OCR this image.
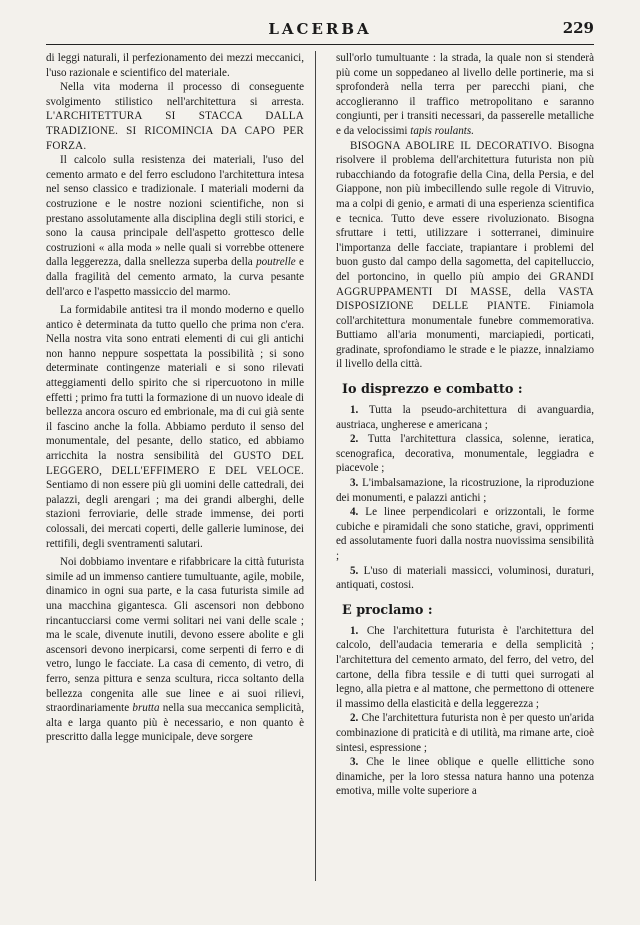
LACERBA	229

di leggi naturali, il perfezionamento dei mezzi meccanici, l'uso razionale e scientifico del materiale.

Nella vita moderna il processo di conseguente svolgimento stilistico nell'architettura si arresta. L'ARCHITETTURA SI STACCA DALLA TRADIZIONE. SI RICOMINCIA DA CAPO PER FORZA.

Il calcolo sulla resistenza dei materiali, l'uso del cemento armato e del ferro escludono l'architettura intesa nel senso classico e tradizionale. I materiali moderni da costruzione e le nostre nozioni scientifiche, non si prestano assolutamente alla disciplina degli stili storici, e sono la causa principale dell'aspetto grottesco delle costruzioni « alla moda » nelle quali si vorrebbe ottenere dalla leggerezza, dalla snellezza superba della poutrelle e dalla fragilità del cemento armato, la curva pesante dell'arco e l'aspetto massiccio del marmo.

La formidabile antitesi tra il mondo moderno e quello antico è determinata da tutto quello che prima non c'era. Nella nostra vita sono entrati elementi di cui gli antichi non hanno neppure sospettata la possibilità ; si sono determinate contingenze materiali e si sono rilevati atteggiamenti dello spirito che si ripercuotono in mille effetti ; primo fra tutti la formazione di un nuovo ideale di bellezza ancora oscuro ed embrionale, ma di cui già sente il fascino anche la folla. Abbiamo perduto il senso del monumentale, del pesante, dello statico, ed abbiamo arricchita la nostra sensibilità del GUSTO DEL LEGGERO, DELL'EFFIMERO E DEL VELOCE. Sentiamo di non essere più gli uomini delle cattedrali, dei palazzi, degli arengari ; ma dei grandi alberghi, delle stazioni ferroviarie, delle strade immense, dei porti colossali, dei mercati coperti, delle gallerie luminose, dei rettifili, degli sventramenti salutari.

Noi dobbiamo inventare e rifabbricare la città futurista simile ad un immenso cantiere tumultuante, agile, mobile, dinamico in ogni sua parte, e la casa futurista simile ad una macchina gigantesca. Gli ascensori non debbono rincantucciarsi come vermi solitari nei vani delle scale ; ma le scale, divenute inutili, devono essere abolite e gli ascensori devono inerpicarsi, come serpenti di ferro e di vetro, lungo le facciate. La casa di cemento, di vetro, di ferro, senza pittura e senza scultura, ricca soltanto della bellezza congenita alle sue linee e ai suoi rilievi, straordinariamente brutta nella sua meccanica semplicità, alta e larga quanto più è necessario, e non quanto è prescritto dalla legge municipale, deve sorgere

sull'orlo tumultuante : la strada, la quale non si stenderà più come un soppedaneo al livello delle portinerie, ma si sprofonderà nella terra per parecchi piani, che accoglieranno il traffico metropolitano e saranno congiunti, per i transiti necessari, da passerelle metalliche e da velocissimi tapis roulants.

BISOGNA ABOLIRE IL DECORATIVO. Bisogna risolvere il problema dell'architettura futurista non più rubacchiando da fotografie della Cina, della Persia, e del Giappone, non più imbecillendo sulle regole di Vitruvio, ma a colpi di genio, e armati di una esperienza scientifica e tecnica. Tutto deve essere rivoluzionato. Bisogna sfruttare i tetti, utilizzare i sotterranei, diminuire l'importanza delle facciate, trapiantare i problemi del buon gusto dal campo della sagometta, del capitelluccio, del portoncino, in quello più ampio dei GRANDI AGGRUPPAMENTI DI MASSE, della VASTA DISPOSIZIONE DELLE PIANTE. Finiamola coll'architettura monumentale funebre commemorativa. Buttiamo all'aria monumenti, marciapiedi, porticati, gradinate, sprofondiamo le strade e le piazze, innalziamo il livello della città.

Io disprezzo e combatto :

1. Tutta la pseudo-architettura di avanguardia, austriaca, ungherese e americana ;

2. Tutta l'architettura classica, solenne, ieratica, scenografica, decorativa, monumentale, leggiadra e piacevole ;

3. L'imbalsamazione, la ricostruzione, la riproduzione dei monumenti, e palazzi antichi ;

4. Le linee perpendicolari e orizzontali, le forme cubiche e piramidali che sono statiche, gravi, opprimenti ed assolutamente fuori dalla nostra nuovissima sensibilità ;

5. L'uso di materiali massicci, voluminosi, duraturi, antiquati, costosi.

E proclamo :

1. Che l'architettura futurista è l'architettura del calcolo, dell'audacia temeraria e della semplicità ; l'architettura del cemento armato, del ferro, del vetro, del cartone, della fibra tessile e di tutti quei surrogati al legno, alla pietra e al mattone, che permettono di ottenere il massimo della elasticità e della leggerezza ;

2. Che l'architettura futurista non è per questo un'arida combinazione di praticità e di utilità, ma rimane arte, cioè sintesi, espressione ;

3. Che le linee oblique e quelle ellittiche sono dinamiche, per la loro stessa natura hanno una potenza emotiva, mille volte superiore a
